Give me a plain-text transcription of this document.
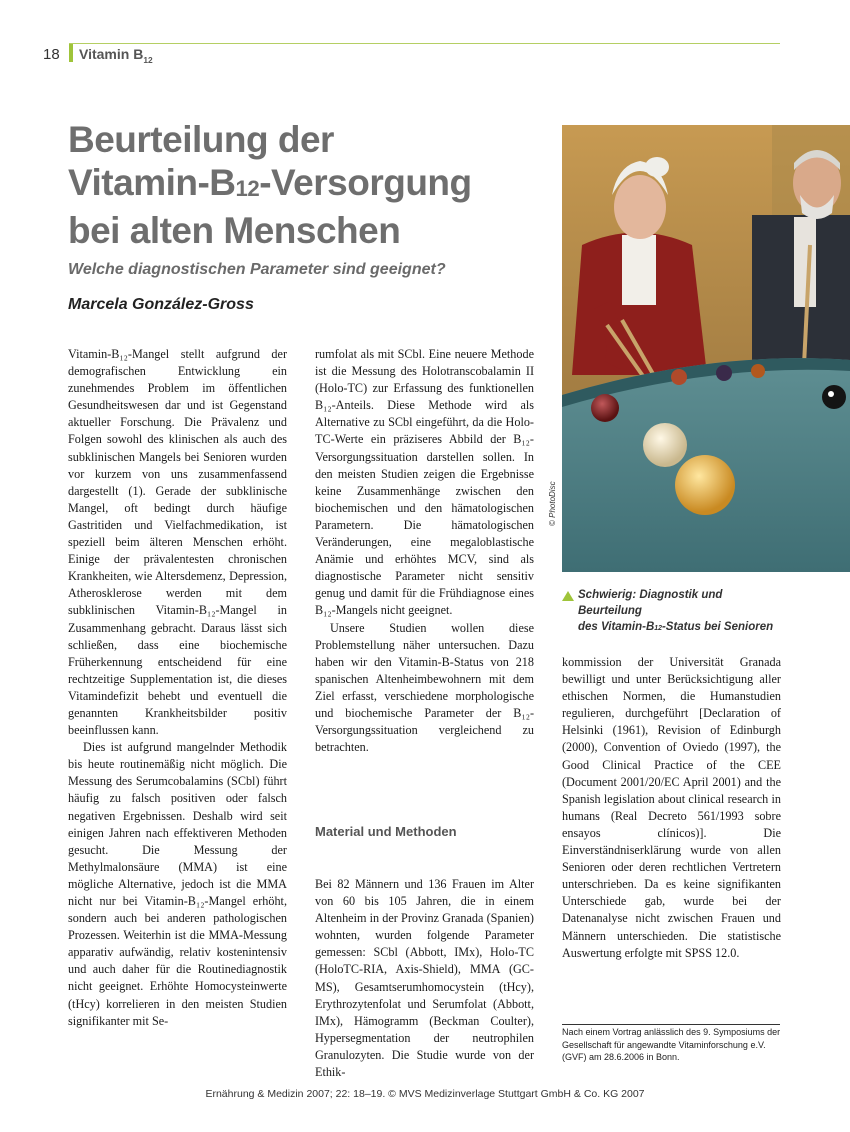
18 Vitamin $B_{12}$
Beurteilung der
Vitamin-$B_{12}$-Versorgung
bei alten Menschen
Welche diagnostischen Parameter sind geeignet?
Marcela González-Gross

Vitamin-B₁₂-Mangel stellt aufgrund der demografischen Entwicklung ein zunehmendes Problem im öffentlichen Gesundheitswesen dar und ist Gegenstand aktueller Forschung. Die Prävalenz und Folgen sowohl des klinischen als auch des subklinischen Mangels bei Senioren wurden vor kurzem von uns zusammenfassend dargestellt (1). Gerade der subklinische Mangel, oft bedingt durch häufige Gastritiden und Vielfachmedikation, ist speziell beim älteren Menschen erhöht. Einige der prävalentesten chronischen Krankheiten, wie Altersdemenz, Depression, Atherosklerose werden mit dem subklinischen Vitamin-B₁₂-Mangel in Zusammenhang gebracht. Daraus lässt sich schließen, dass eine biochemische Früherkennung entscheidend für eine rechtzeitige Supplementation ist, die dieses Vitamindefizit behebt und eventuell die genannten Krankheitsbilder positiv beeinflussen kann.

Dies ist aufgrund mangelnder Methodik bis heute routinemäßig nicht möglich. Die Messung des Serumcobalamins (SCbl) führt häufig zu falsch positiven oder falsch negativen Ergebnissen. Deshalb wird seit einigen Jahren nach effektiveren Methoden gesucht. Die Messung der Methylmalonsäure (MMA) ist eine mögliche Alternative, jedoch ist die MMA nicht nur bei Vitamin-B₁₂-Mangel erhöht, sondern auch bei anderen pathologischen Prozessen. Weiterhin ist die MMA-Messung apparativ aufwändig, relativ kostenintensiv und auch daher für die Routinediagnostik nicht geeignet. Erhöhte Homocysteinwerte (tHcy) korrelieren in den meisten Studien signifikanter mit Se-

rumfolat als mit SCbl. Eine neuere Methode ist die Messung des Holotranscobalamin II (Holo-TC) zur Erfassung des funktionellen B₁₂-Anteils. Diese Methode wird als Alternative zu SCbl eingeführt, da die Holo-TC-Werte ein präziseres Abbild der B₁₂-Versorgungssituation darstellen sollen. In den meisten Studien zeigen die Ergebnisse keine Zusammenhänge zwischen den biochemischen und den hämatologischen Parametern. Die hämatologischen Veränderungen, eine megaloblastische Anämie und erhöhtes MCV, sind als diagnostische Parameter nicht sensitiv genug und damit für die Frühdiagnose eines B₁₂-Mangels nicht geeignet.

Unsere Studien wollen diese Problemstellung näher untersuchen. Dazu haben wir den Vitamin-B-Status von 218 spanischen Altenheimbewohnern mit dem Ziel erfasst, verschiedene morphologische und biochemische Parameter der B₁₂-Versorgungssituation vergleichend zu betrachten.

Material und Methoden

Bei 82 Männern und 136 Frauen im Alter von 60 bis 105 Jahren, die in einem Altenheim in der Provinz Granada (Spanien) wohnten, wurden folgende Parameter gemessen: SCbl (Abbott, IMx), Holo-TC (HoloTC-RIA, Axis-Shield), MMA (GC-MS), Gesamtserumhomocystein (tHcy), Erythrozytenfolat und Serumfolat (Abbott, IMx), Hämogramm (Beckman Coulter), Hypersegmentation der neutrophilen Granulozyten. Die Studie wurde von der Ethik-

© PhotoDisc
Schwierig: Diagnostik und Beurteilung
des Vitamin-$B_{12}$-Status bei Senioren

kommission der Universität Granada bewilligt und unter Berücksichtigung aller ethischen Normen, die Humanstudien regulieren, durchgeführt [Declaration of Helsinki (1961), Revision of Edinburgh (2000), Convention of Oviedo (1997), the Good Clinical Practice of the CEE (Document 2001/20/EC April 2001) and the Spanish legislation about clinical research in humans (Real Decreto 561/1993 sobre ensayos clínicos)]. Die Einverständniserklärung wurde von allen Senioren oder deren rechtlichen Vertretern unterschrieben. Da es keine signifikanten Unterschiede gab, wurde bei der Datenanalyse nicht zwischen Frauen und Männern unterschieden. Die statistische Auswertung erfolgte mit SPSS 12.0.

Nach einem Vortrag anlässlich des 9. Symposiums der Gesellschaft für angewandte Vitaminforschung e.V. (GVF) am 28.6.2006 in Bonn.
Ernährung & Medizin 2007; 22: 18–19. © MVS Medizinverlage Stuttgart GmbH & Co. KG 2007
